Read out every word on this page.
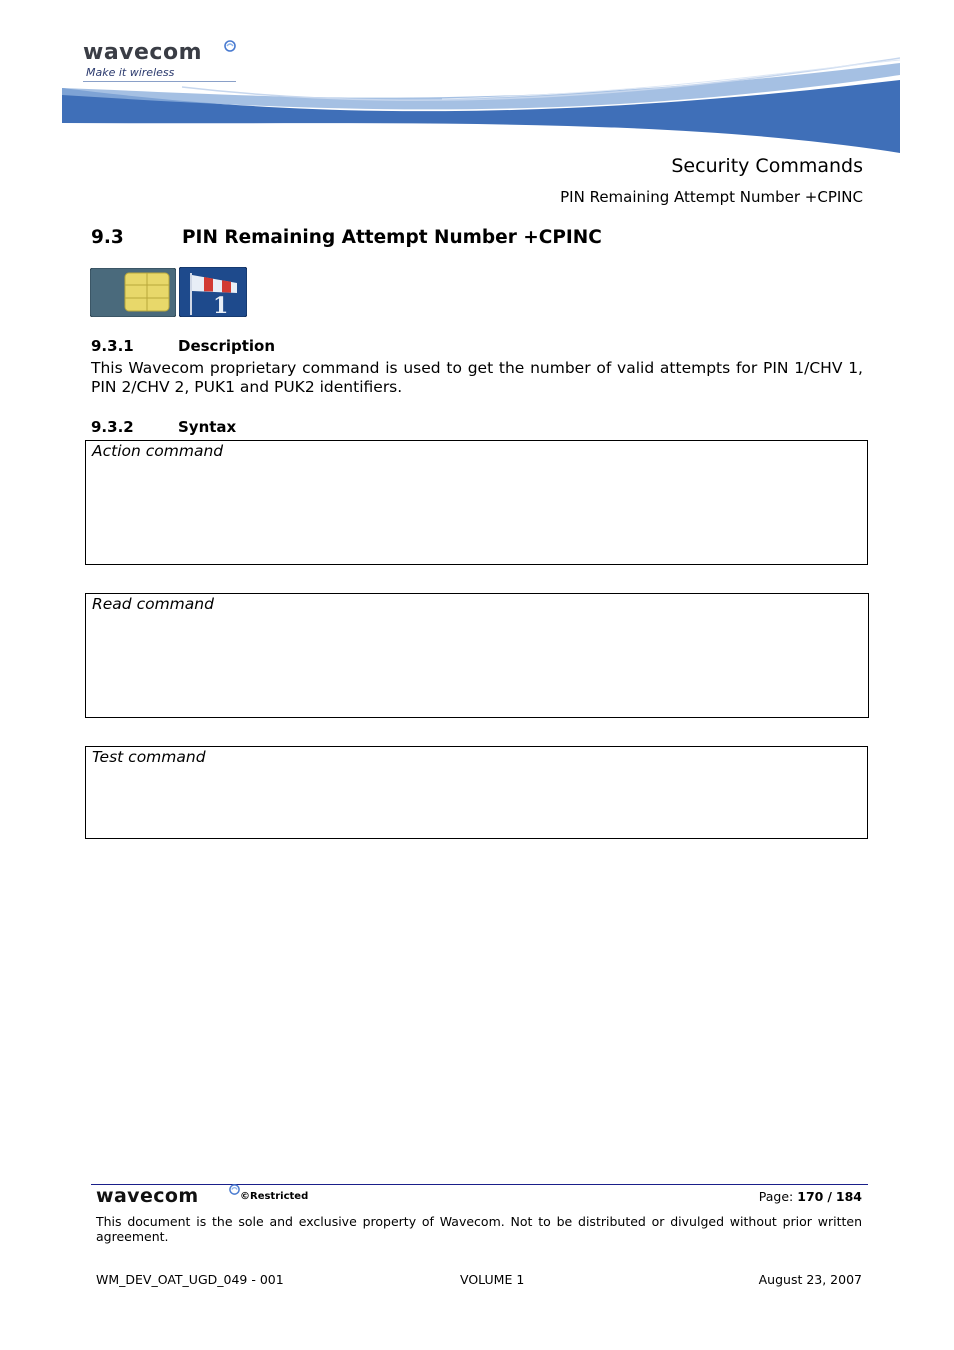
wavecom
Make it wireless
Security Commands
PIN Remaining Attempt Number +CPINC
9.3	PIN Remaining Attempt Number +CPINC
1
9.3.1	Description
This Wavecom proprietary command is used to get the number of valid attempts for PIN 1/CHV 1, PIN 2/CHV 2, PUK1 and PUK2 identifiers.
9.3.2	Syntax
Action command
Read command
Test command
wavecom	©Restricted	Page: 170 / 184
This document is the sole and exclusive property of Wavecom. Not to be distributed or divulged without prior written agreement.
WM_DEV_OAT_UGD_049 - 001	VOLUME 1	August 23, 2007
